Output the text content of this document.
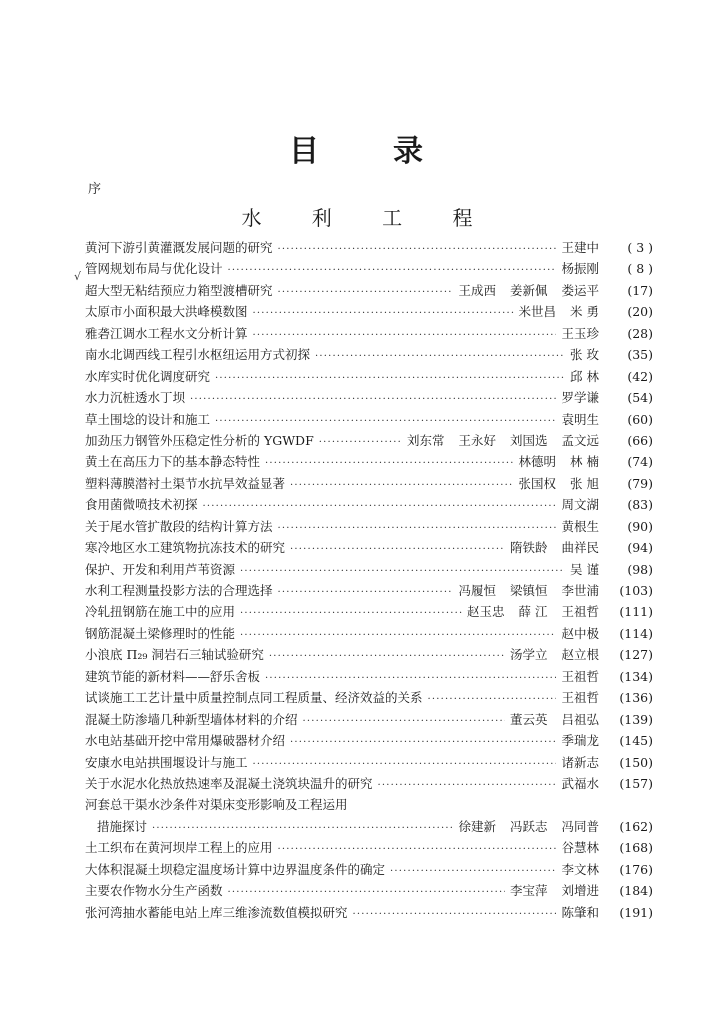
目 录
序
水 利 工 程
√
黄河下游引黄灌溉发展问题的研究 ·····	王建中	( 3 )
管网规划布局与优化设计 ·····	杨振刚	( 8 )
超大型无粘结预应力箱型渡槽研究 ·····	王成西 姜新佩 娄运平	(17)
太原市小面积最大洪峰模数图 ·····	米世昌 米 勇	(20)
雅砻江调水工程水文分析计算 ·····	王玉珍	(28)
南水北调西线工程引水枢纽运用方式初探 ·····	张 玫	(35)
水库实时优化调度研究 ·····	邱 林	(42)
水力沉桩透水丁坝 ·····	罗学谦	(54)
草土围埝的设计和施工 ·····	袁明生	(60)
加劲压力钢管外压稳定性分析的 YGWDF ·····	刘东常 王永好 刘国选 孟文远	(66)
黄土在高压力下的基本静态特性 ·····	林德明 林 楠	(74)
塑料薄膜潜衬土渠节水抗旱效益显著 ·····	张国权 张 旭	(79)
食用菌微喷技术初探 ·····	周文湖	(83)
关于尾水管扩散段的结构计算方法 ·····	黄根生	(90)
寒冷地区水工建筑物抗冻技术的研究 ·····	隋铁龄 曲祥民	(94)
保护、开发和利用芦苇资源 ·····	吴 谨	(98)
水利工程测量投影方法的合理选择 ·····	冯履恒 梁镇恒 李世浦	(103)
冷轧扭钢筋在施工中的应用 ·····	赵玉忠 薛 江 王祖哲	(111)
钢筋混凝土梁修理时的性能 ·····	赵中极	(114)
小浪底 Π₂₉ 洞岩石三轴试验研究 ·····	汤学立 赵立根	(127)
建筑节能的新材料——舒乐舍板 ·····	王祖哲	(134)
试谈施工工艺计量中质量控制点同工程质量、经济效益的关系 ·····	王祖哲	(136)
混凝土防渗墙几种新型墙体材料的介绍 ·····	董云英 吕祖弘	(139)
水电站基础开挖中常用爆破器材介绍 ·····	季瑞龙	(145)
安康水电站拱围堰设计与施工 ·····	诸新志	(150)
关于水泥水化热放热速率及混凝土浇筑块温升的研究 ·····	武福水	(157)
河套总干渠水沙条件对渠床变形影响及工程运用
措施探讨 ·····	徐建新 冯跃志 冯同普	(162)
土工织布在黄河坝岸工程上的应用 ·····	谷慧林	(168)
大体积混凝土坝稳定温度场计算中边界温度条件的确定 ·····	李文林	(176)
主要农作物水分生产函数 ·····	李宝萍 刘增进	(184)
张河湾抽水蓄能电站上库三维渗流数值模拟研究 ·····	陈肇和	(191)
